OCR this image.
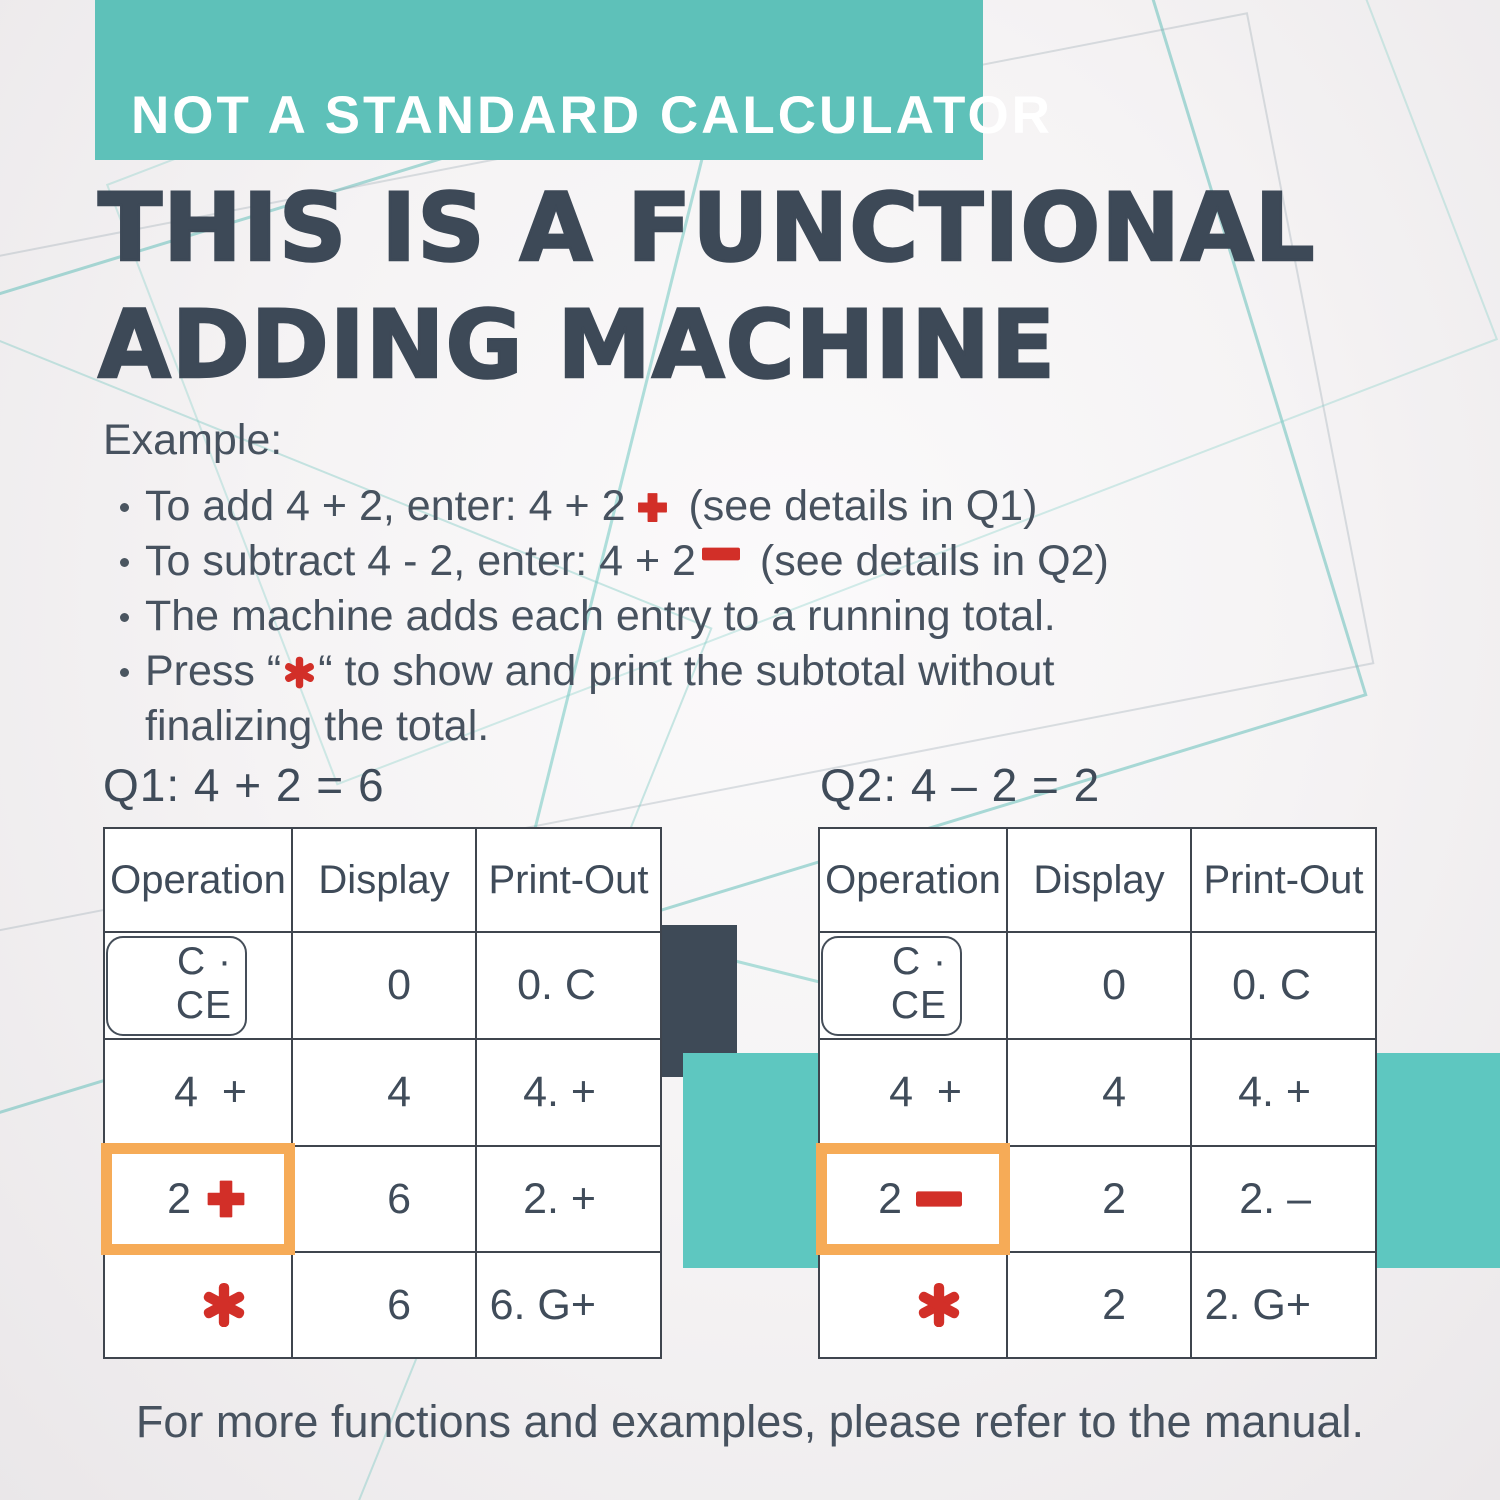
NOT A STANDARD CALCULATOR
THIS IS A FUNCTIONAL
ADDING MACHINE
Example:
To add 4 + 2, enter: 4 + 2
(see details in Q1)
To subtract 4 - 2, enter: 4 + 2
(see details in Q2)
The machine adds each entry to a running total.
Press “ “ to show and print the subtotal without
finalizing the total.
Q1: 4 + 2 = 6	Q2: 4 – 2 = 2
Operation	Display	Print-Out
C · CE	0	0. C
4  +	4	4. +

2	6	2. +

	6	6. G+
Operation	Display	Print-Out
C · CE	0	0. C
4  +	4	4. +

2	2	2. –

	2	2. G+
For more functions and examples, please refer to the manual.
